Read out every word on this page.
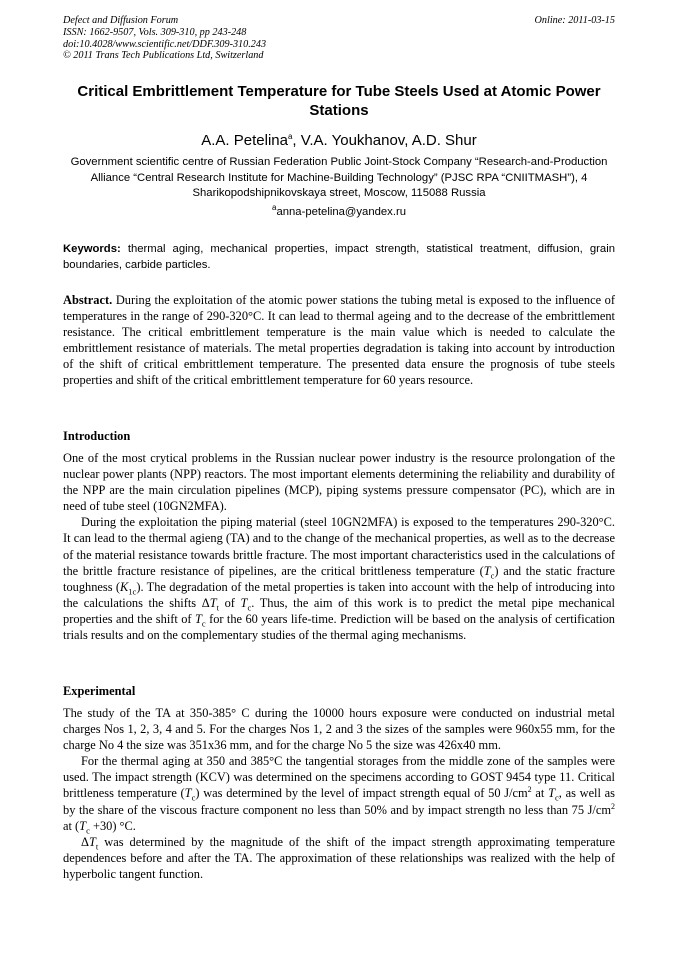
Defect and Diffusion Forum
ISSN: 1662-9507, Vols. 309-310, pp 243-248
doi:10.4028/www.scientific.net/DDF.309-310.243
© 2011 Trans Tech Publications Ltd, Switzerland
Online: 2011-03-15
Critical Embrittlement Temperature for Tube Steels Used at Atomic Power Stations
A.A. Petelina$^a$, V.A. Youkhanov, A.D. Shur
Government scientific centre of Russian Federation Public Joint-Stock Company “Research-and-Production Alliance “Central Research Institute for Machine-Building Technology” (PJSC RPA “CNIITMASH”), 4 Sharikopodshipnikovskaya street, Moscow, 115088 Russia
$^a$anna-petelina@yandex.ru
Keywords: thermal aging, mechanical properties, impact strength, statistical treatment, diffusion, grain boundaries, carbide particles.
Abstract. During the exploitation of the atomic power stations the tubing metal is exposed to the influence of temperatures in the range of 290-320°C. It can lead to thermal ageing and to the decrease of the embrittlement resistance. The critical embrittlement temperature is the main value which is needed to calculate the embrittlement resistance of materials. The metal properties degradation is taking into account by introduction of the shift of critical embrittlement temperature. The presented data ensure the prognosis of tube steels properties and shift of the critical embrittlement temperature for 60 years resource.
Introduction

One of the most crytical problems in the Russian nuclear power industry is the resource prolongation of the nuclear power plants (NPP) reactors. The most important elements determining the reliability and durability of the NPP are the main circulation pipelines (MCP), piping systems pressure compensator (PC), which are in need of tube steel (10GN2MFA).

During the exploitation the piping material (steel 10GN2MFA) is exposed to the temperatures 290-320°C. It can lead to the thermal agieng (TA) and to the change of the mechanical properties, as well as to the decrease of the material resistance towards brittle fracture. The most important characteristics used in the calculations of the brittle fracture resistance of pipelines, are the critical brittleness temperature $(T_c)$ and the static fracture toughness $(K_{1c})$. The degradation of the metal properties is taken into account with the help of introducing into the calculations the shifts $\Delta T_t$ of $T_c$. Thus, the aim of this work is to predict the metal pipe mechanical properties and the shift of $T_c$ for the 60 years life-time. Prediction will be based on the analysis of certification trials results and on the complementary studies of the thermal aging mechanisms.

Experimental

The study of the TA at 350-385° C during the 10000 hours exposure were conducted on industrial metal charges Nos 1, 2, 3, 4 and 5. For the charges Nos 1, 2 and 3 the sizes of the samples were 960x55 mm, for the charge No 4 the size was 351x36 mm, and for the charge No 5 the size was 426x40 mm.

For the thermal aging at 350 and 385°C the tangential storages from the middle zone of the samples were used. The impact strength (KCV) was determined on the specimens according to GOST 9454 type 11. Critical brittleness temperature $(T_c)$ was determined by the level of impact strength equal of 50 $J/cm^2$ at $T_c$, as well as by the share of the viscous fracture component no less than 50% and by impact strength no less than 75 $J/cm^2$ at $(T_c +30)$ °C.

$\Delta T_t$ was determined by the magnitude of the shift of the impact strength approximating temperature dependences before and after the TA. The approximation of these relationships was realized with the help of hyperbolic tangent function.
